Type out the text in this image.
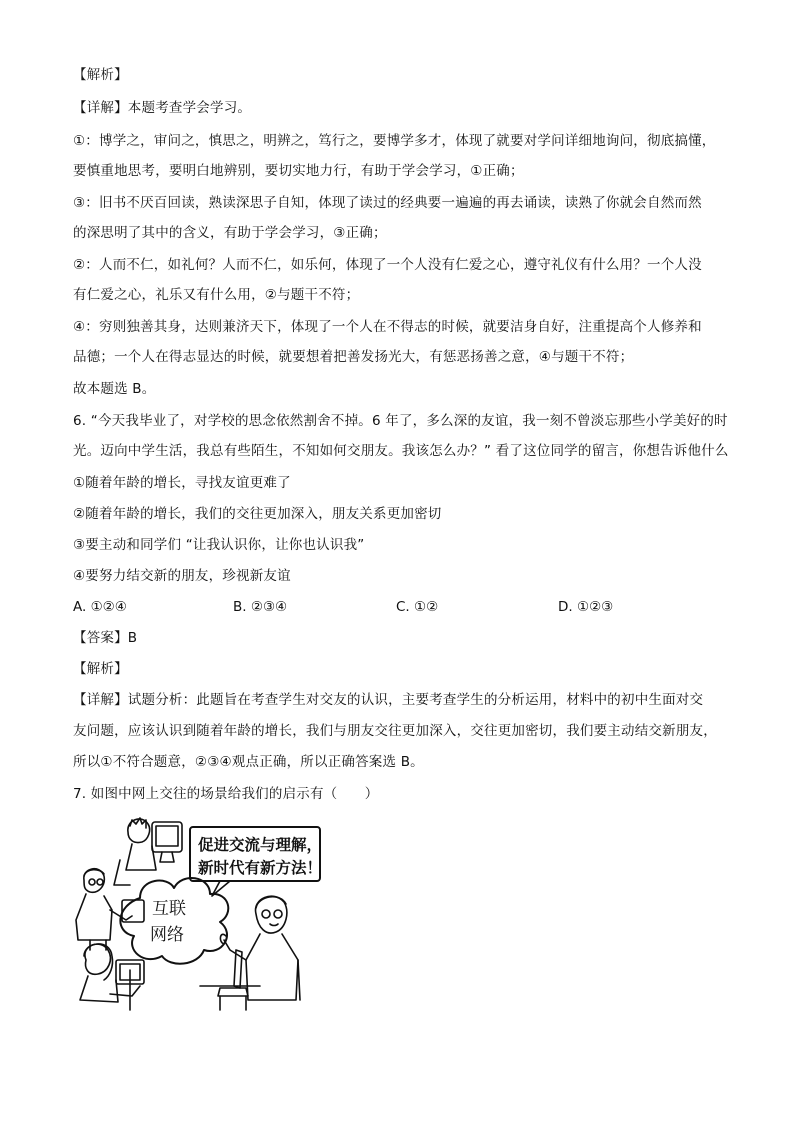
【解析】
【详解】本题考查学会学习。
①：博学之，审问之，慎思之，明辨之，笃行之，要博学多才，体现了就要对学问详细地询问，彻底搞懂，
要慎重地思考，要明白地辨别，要切实地力行，有助于学会学习，①正确；
③：旧书不厌百回读，熟读深思子自知，体现了读过的经典要一遍遍的再去诵读，读熟了你就会自然而然
的深思明了其中的含义，有助于学会学习，③正确；
②：人而不仁，如礼何？人而不仁，如乐何，体现了一个人没有仁爱之心，遵守礼仪有什么用？一个人没
有仁爱之心，礼乐又有什么用，②与题干不符；
④：穷则独善其身，达则兼济天下，体现了一个人在不得志的时候，就要洁身自好，注重提高个人修养和
品德；一个人在得志显达的时候，就要想着把善发扬光大，有惩恶扬善之意，④与题干不符；
故本题选 B。
6. “今天我毕业了，对学校的思念依然割舍不掉。6 年了，多么深的友谊，我一刻不曾淡忘那些小学美好的时
光。迈向中学生活，我总有些陌生，不知如何交朋友。我该怎么办？” 看了这位同学的留言，你想告诉他什么
①随着年龄的增长，寻找友谊更难了
②随着年龄的增长，我们的交往更加深入，朋友关系更加密切
③要主动和同学们 “让我认识你，让你也认识我”
④要努力结交新的朋友，珍视新友谊
A. ①②④	B. ②③④	C. ①②	D. ①②③
【答案】B
【解析】
【详解】试题分析：此题旨在考查学生对交友的认识，主要考查学生的分析运用，材料中的初中生面对交
友问题，应该认识到随着年龄的增长，我们与朋友交往更加深入，交往更加密切，我们要主动结交新朋友，
所以①不符合题意，②③④观点正确，所以正确答案选 B。
7. 如图中网上交往的场景给我们的启示有（　　）
促进交流与理解，
新时代有新方法！
互联
网络
